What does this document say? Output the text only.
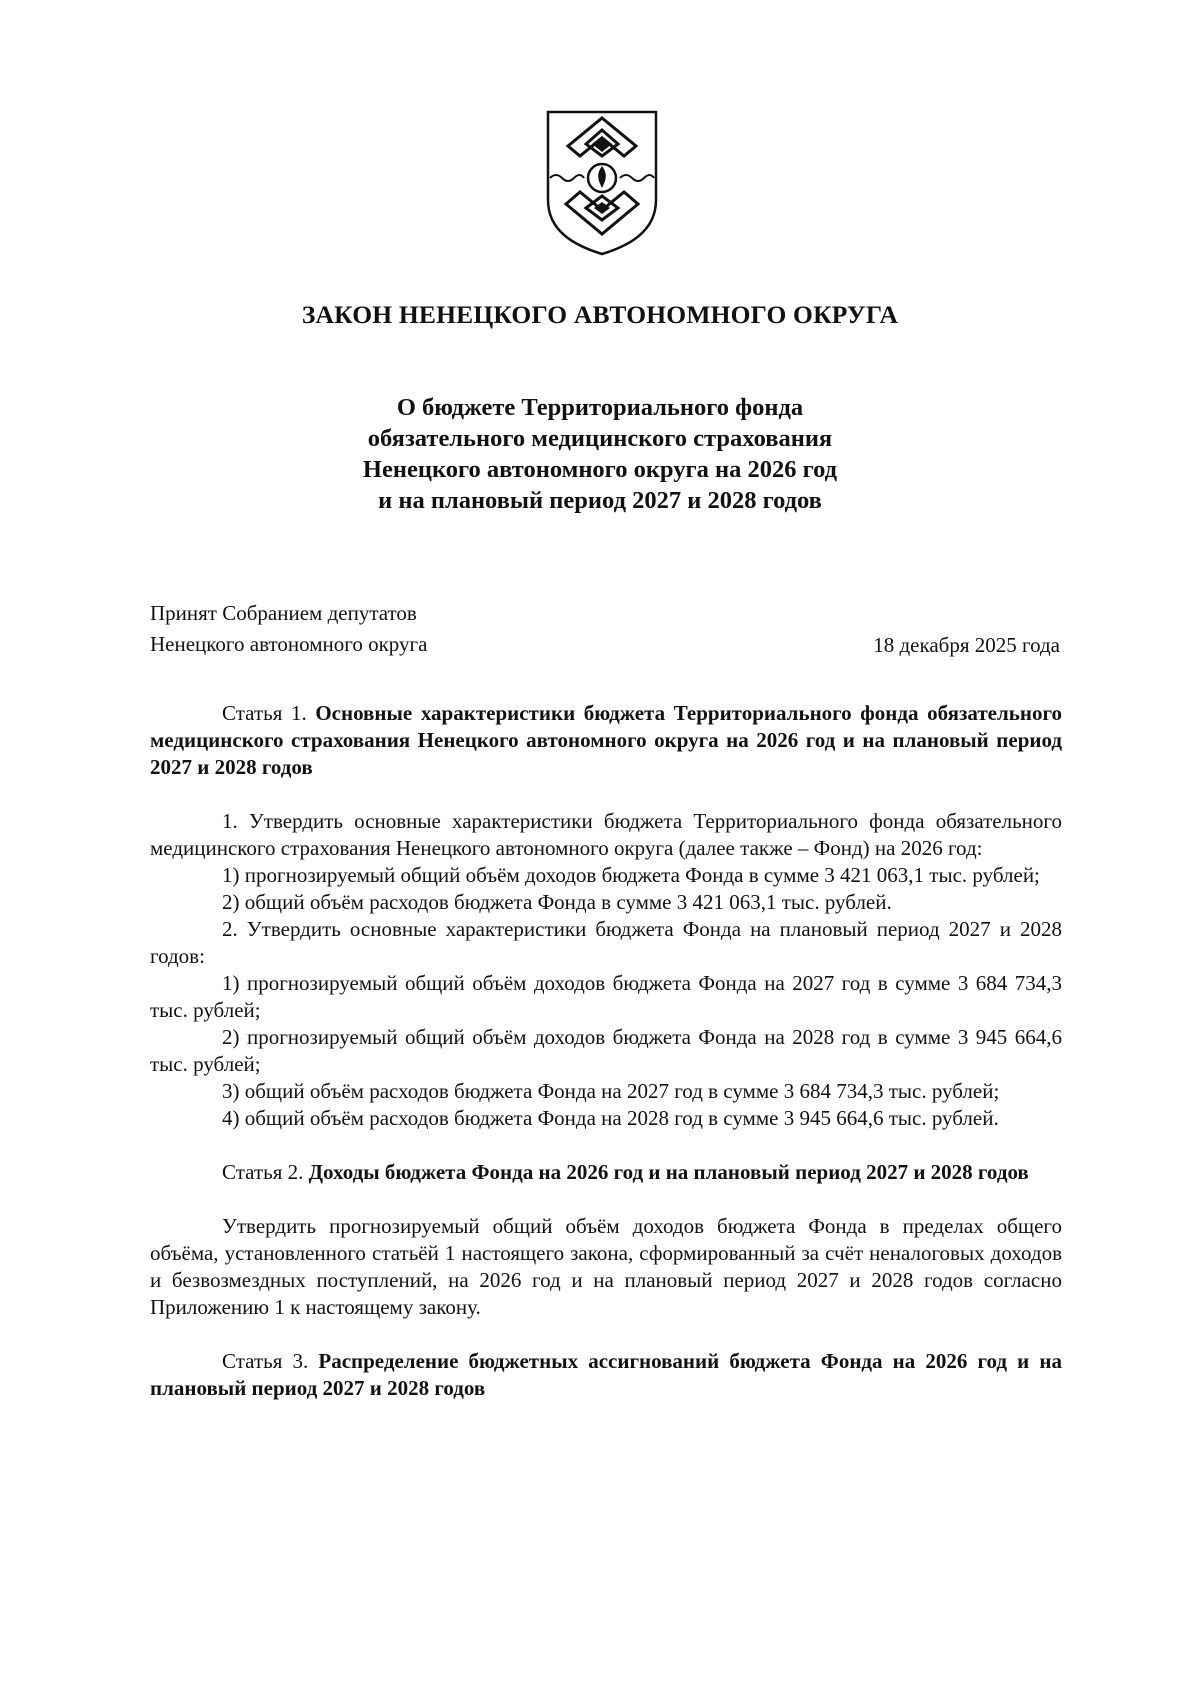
ЗАКОН НЕНЕЦКОГО АВТОНОМНОГО ОКРУГА
О бюджете Территориального фонда
обязательного медицинского страхования
Ненецкого автономного округа на 2026 год
и на плановый период 2027 и 2028 годов
Принят Собранием депутатов
Ненецкого автономного округа	18 декабря 2025 года

Статья 1. Основные характеристики бюджета Территориального фонда обязательного медицинского страхования Ненецкого автономного округа на 2026 год и на плановый период 2027 и 2028 годов

1. Утвердить основные характеристики бюджета Территориального фонда обязательного медицинского страхования Ненецкого автономного округа (далее также – Фонд) на 2026 год:

1) прогнозируемый общий объём доходов бюджета Фонда в сумме 3 421 063,1 тыс. рублей;

2) общий объём расходов бюджета Фонда в сумме 3 421 063,1 тыс. рублей.

2. Утвердить основные характеристики бюджета Фонда на плановый период 2027 и 2028 годов:

1) прогнозируемый общий объём доходов бюджета Фонда на 2027 год в сумме 3 684 734,3 тыс. рублей;

2) прогнозируемый общий объём доходов бюджета Фонда на 2028 год в сумме 3 945 664,6 тыс. рублей;

3) общий объём расходов бюджета Фонда на 2027 год в сумме 3 684 734,3 тыс. рублей;

4) общий объём расходов бюджета Фонда на 2028 год в сумме 3 945 664,6 тыс. рублей.

Статья 2. Доходы бюджета Фонда на 2026 год и на плановый период 2027 и 2028 годов

Утвердить прогнозируемый общий объём доходов бюджета Фонда в пределах общего объёма, установленного статьёй 1 настоящего закона, сформированный за счёт неналоговых доходов и безвозмездных поступлений, на 2026 год и на плановый период 2027 и 2028 годов согласно Приложению 1 к настоящему закону.

Статья 3. Распределение бюджетных ассигнований бюджета Фонда на 2026 год и на плановый период 2027 и 2028 годов
